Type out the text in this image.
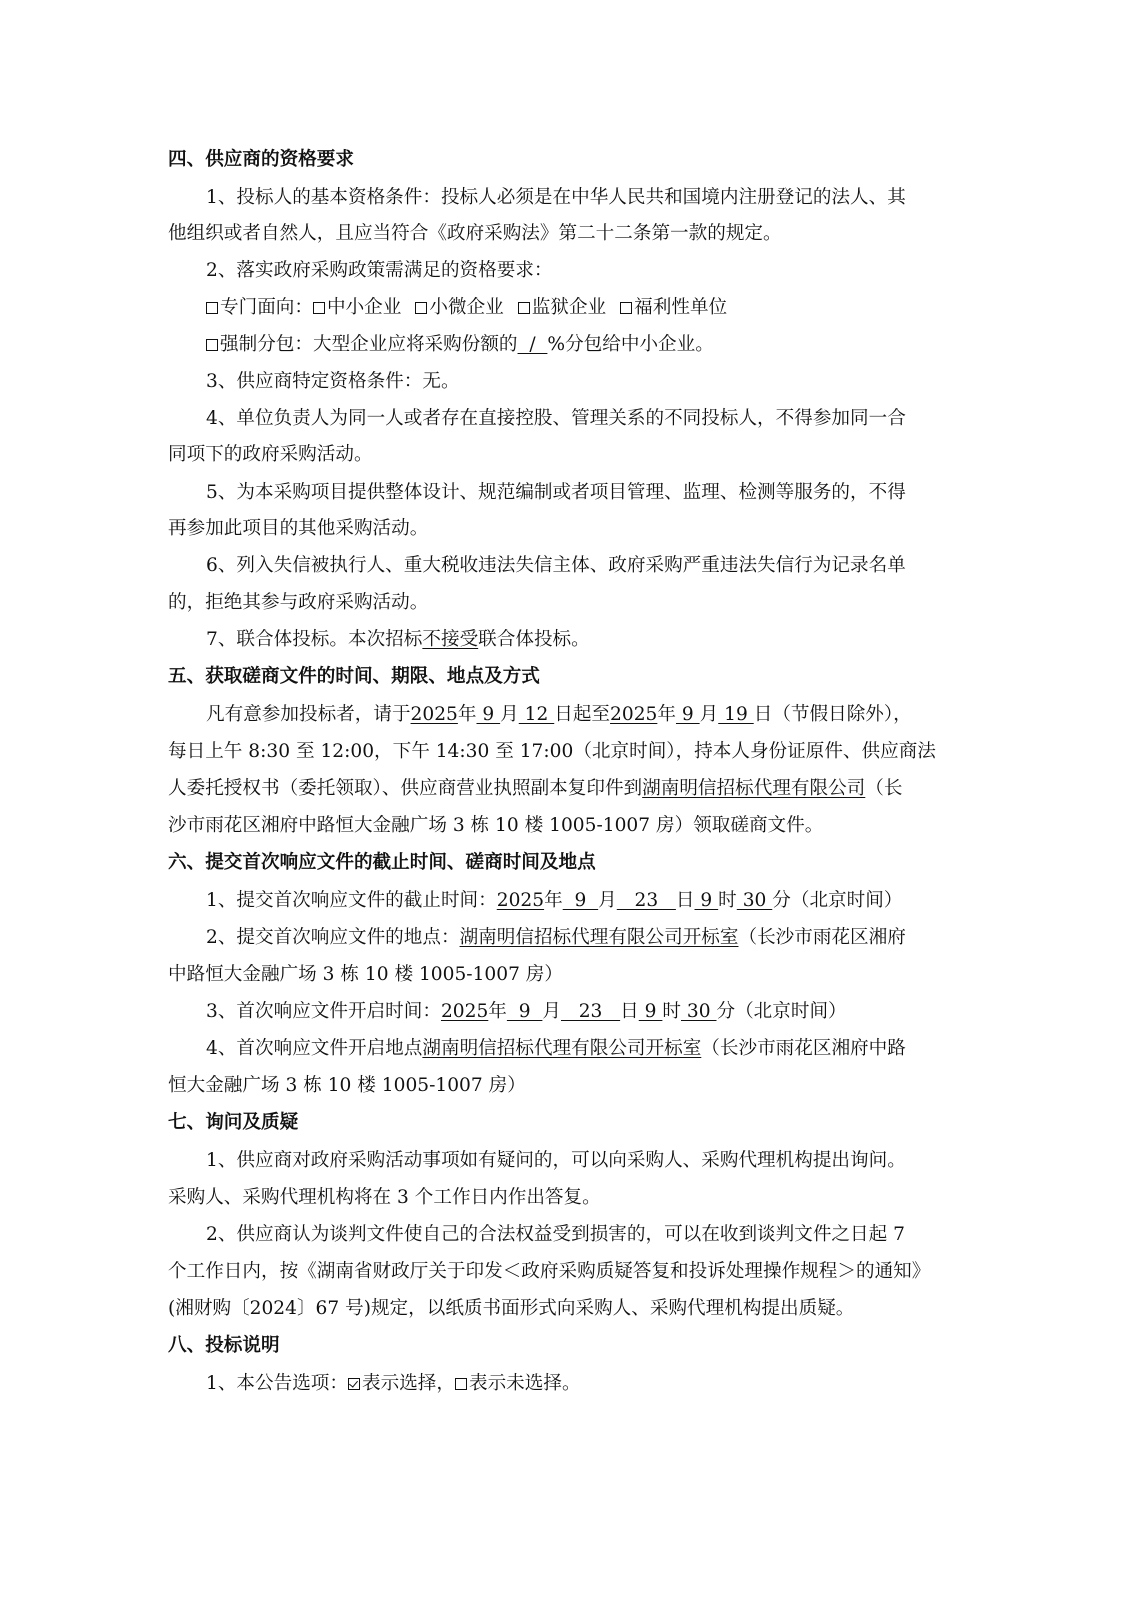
四、供应商的资格要求
1、投标人的基本资格条件：投标人必须是在中华人民共和国境内注册登记的法人、其
他组织或者自然人，且应当符合《政府采购法》第二十二条第一款的规定。
2、落实政府采购政策需满足的资格要求：
专门面向： 中小企业 小微企业 监狱企业 福利性单位
强制分包：大型企业应将采购份额的  /  %分包给中小企业。
3、供应商特定资格条件：无。
4、单位负责人为同一人或者存在直接控股、管理关系的不同投标人，不得参加同一合
同项下的政府采购活动。
5、为本采购项目提供整体设计、规范编制或者项目管理、监理、检测等服务的，不得
再参加此项目的其他采购活动。
6、列入失信被执行人、重大税收违法失信主体、政府采购严重违法失信行为记录名单
的，拒绝其参与政府采购活动。
7、联合体投标。本次招标不接受联合体投标。
五、获取磋商文件的时间、期限、地点及方式
凡有意参加投标者，请于2025年 9 月 12 日起至2025年 9 月 19 日（节假日除外），
每日上午 8:30 至 12:00，下午 14:30 至 17:00（北京时间），持本人身份证原件、供应商法
人委托授权书（委托领取）、供应商营业执照副本复印件到湖南明信招标代理有限公司（长
沙市雨花区湘府中路恒大金融广场 3 栋 10 楼 1005-1007 房）领取磋商文件。
六、提交首次响应文件的截止时间、磋商时间及地点
1、提交首次响应文件的截止时间：2025年  9  月   23   日 9 时 30 分（北京时间）
2、提交首次响应文件的地点：湖南明信招标代理有限公司开标室（长沙市雨花区湘府
中路恒大金融广场 3 栋 10 楼 1005-1007 房）
3、首次响应文件开启时间：2025年  9  月   23   日 9 时 30 分（北京时间）
4、首次响应文件开启地点湖南明信招标代理有限公司开标室（长沙市雨花区湘府中路
恒大金融广场 3 栋 10 楼 1005-1007 房）
七、询问及质疑
1、供应商对政府采购活动事项如有疑问的，可以向采购人、采购代理机构提出询问。
采购人、采购代理机构将在 3 个工作日内作出答复。
2、供应商认为谈判文件使自己的合法权益受到损害的，可以在收到谈判文件之日起 7
个工作日内，按《湖南省财政厅关于印发＜政府采购质疑答复和投诉处理操作规程＞的通知》
(湘财购〔2024〕67 号)规定，以纸质书面形式向采购人、采购代理机构提出质疑。
八、投标说明
1、本公告选项： 表示选择， 表示未选择。
